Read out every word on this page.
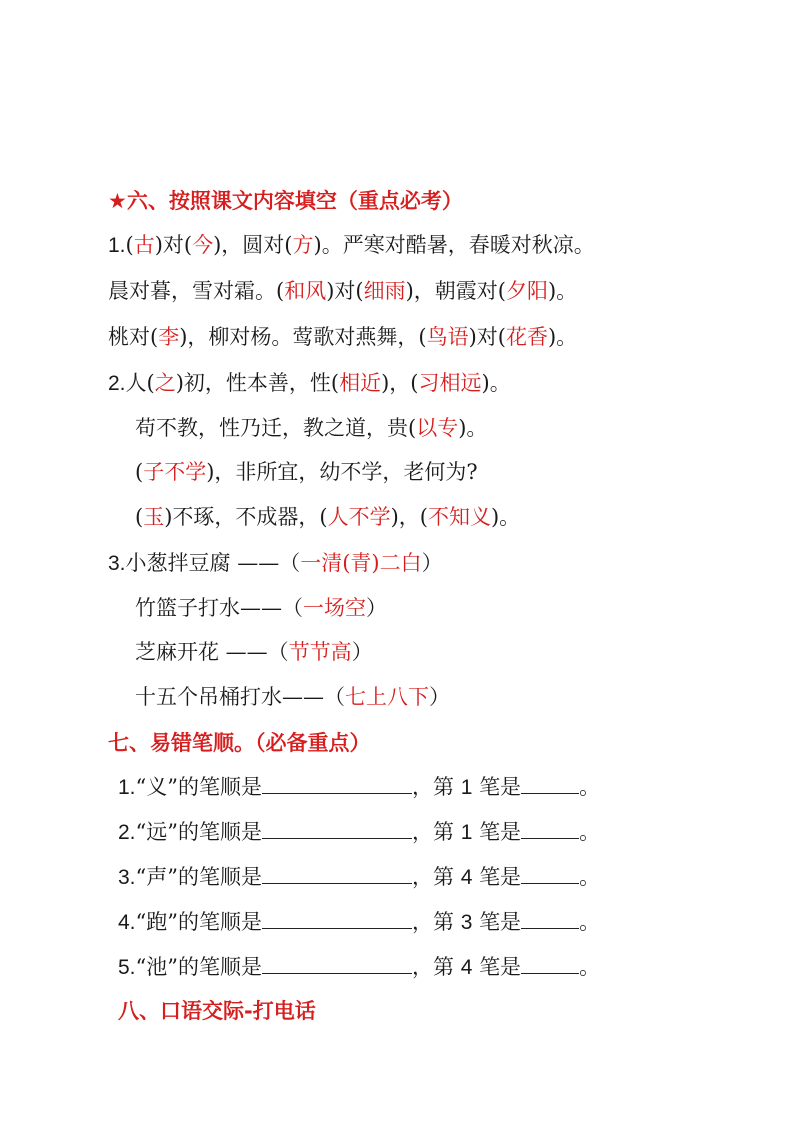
★六、按照课文内容填空（重点必考）
1.(古)对(今)，圆对(方)。严寒对酷暑，春暖对秋凉。
晨对暮，雪对霜。(和风)对(细雨)，朝霞对(夕阳)。
桃对(李)，柳对杨。莺歌对燕舞，(鸟语)对(花香)。
2.人(之)初，性本善，性(相近)，(习相远)。
苟不教，性乃迁，教之道，贵(以专)。
(子不学)，非所宜，幼不学，老何为?
(玉)不琢，不成器，(人不学)，(不知义)。
3.小葱拌豆腐 ——（一清(青)二白）
竹篮子打水——（一场空）
芝麻开花 ——（节节高）
十五个吊桶打水——（七上八下）
七、易错笔顺。（必备重点）
1.“义”的笔顺是	，第 1 笔是	。
2.“远”的笔顺是	，第 1 笔是	。
3.“声”的笔顺是	，第 4 笔是	。
4.“跑”的笔顺是	，第 3 笔是	。
5.“池”的笔顺是	，第 4 笔是	。
八、口语交际-打电话
